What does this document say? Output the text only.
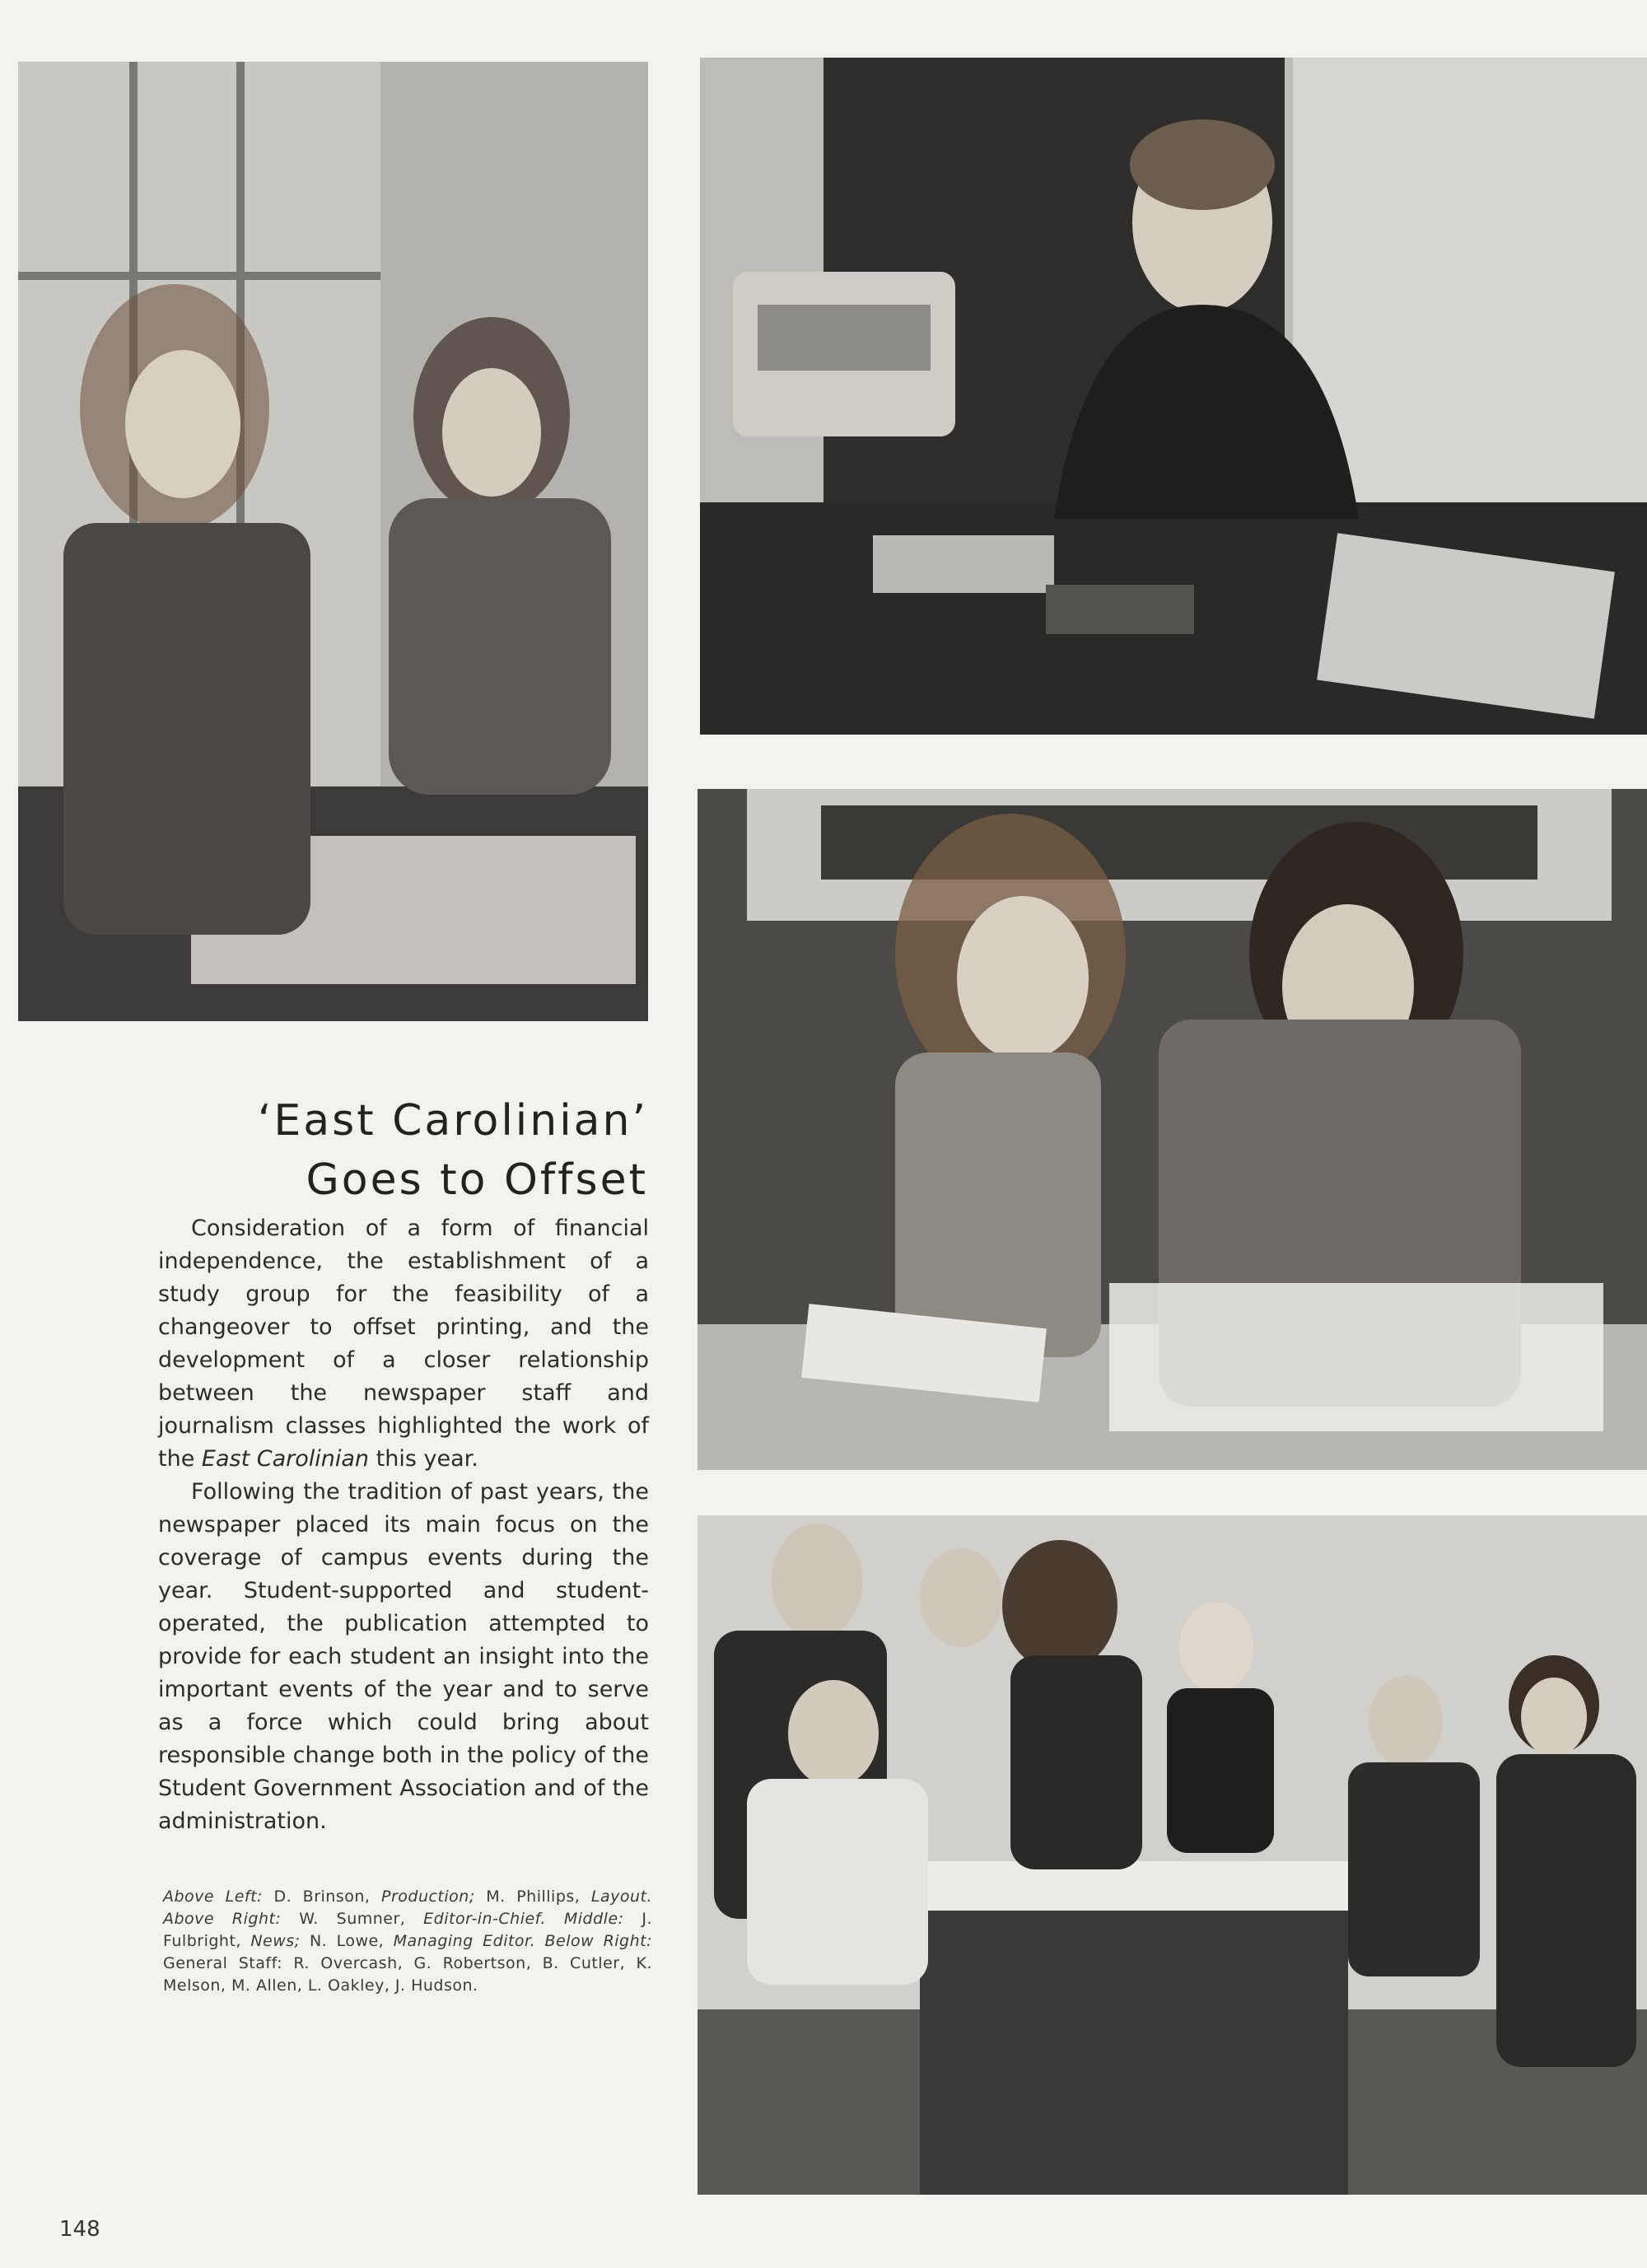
‘East Carolinian’
Goes to Offset

Consideration of a form of financial independence, the establishment of a study group for the feasibility of a changeover to offset printing, and the development of a closer relationship between the newspaper staff and journalism classes highlighted the work of the East Carolinian this year.

Following the tradition of past years, the newspaper placed its main focus on the coverage of campus events during the year. Student-supported and student-operated, the publication attempted to provide for each student an insight into the important events of the year and to serve as a force which could bring about responsible change both in the policy of the Student Government Association and of the administration.

Above Left: D. Brinson, Production; M. Phillips, Layout. Above Right: W. Sumner, Editor-in-Chief. Middle: J. Fulbright, News; N. Lowe, Managing Editor. Below Right: General Staff: R. Overcash, G. Robertson, B. Cutler, K. Melson, M. Allen, L. Oakley, J. Hudson.
148
